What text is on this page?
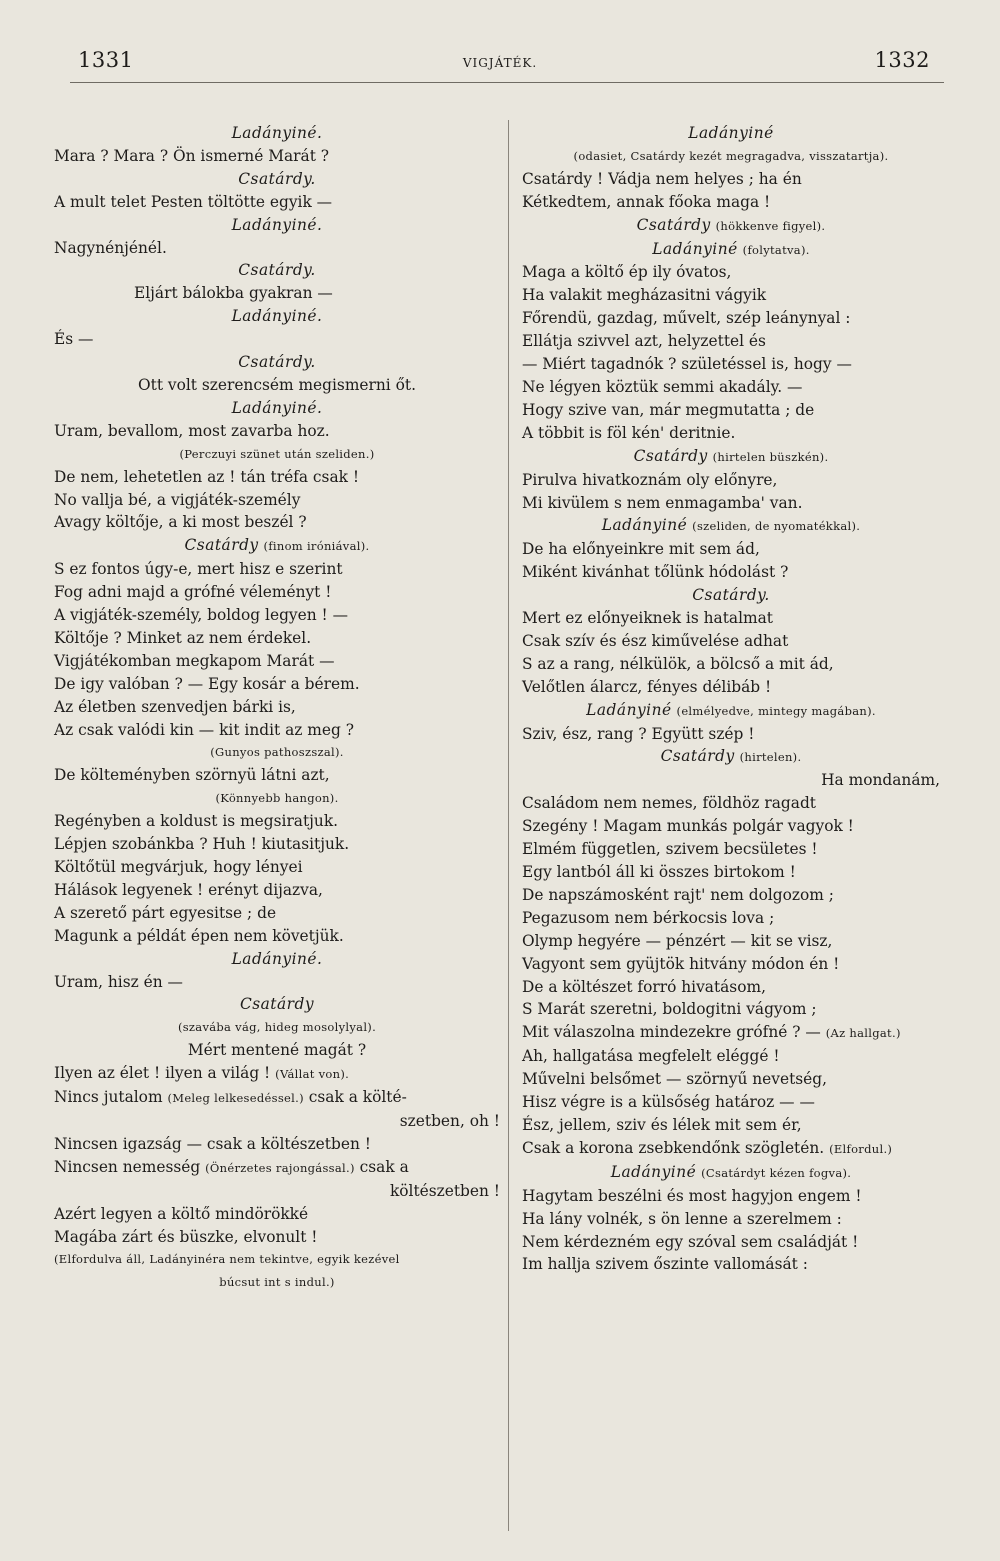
1331	VIGJÁTÉK.	1332
Ladányiné.
Mara ? Mara ? Ön ismerné Marát ?
Csatárdy.
A mult telet Pesten töltötte egyik —
Ladányiné.
Nagynénjénél.
Csatárdy.
Eljárt bálokba gyakran —
Ladányiné.
És —
Csatárdy.
Ott volt szerencsém megismerni őt.
Ladányiné.
Uram, bevallom, most zavarba hoz.
(Perczuyi szünet után szeliden.)
De nem, lehetetlen az ! tán tréfa csak !
No vallja bé, a vigjáték-személy
Avagy költője, a ki most beszél ?
Csatárdy (finom iróniával).
S ez fontos úgy-e, mert hisz e szerint
Fog adni majd a grófné véleményt !
A vigjáték-személy, boldog legyen ! —
Költője ? Minket az nem érdekel.
Vigjátékomban megkapom Marát —
De igy valóban ? — Egy kosár a bérem.
Az életben szenvedjen bárki is,
Az csak valódi kin — kit indit az meg ?
(Gunyos pathoszszal).
De költeményben szörnyü látni azt,
(Könnyebb hangon).
Regényben a koldust is megsiratjuk.
Lépjen szobánkba ? Huh ! kiutasitjuk.
Költőtül megvárjuk, hogy lényei
Hálások legyenek ! erényt dijazva,
A szerető párt egyesitse ; de
Magunk a példát épen nem követjük.
Ladányiné.
Uram, hisz én —
Csatárdy
(szavába vág, hideg mosolylyal).
Mért mentené magát ?
Ilyen az élet ! ilyen a világ ! (Vállat von).
Nincs jutalom (Meleg lelkesedéssel.) csak a költé-
szetben, oh !
Nincsen igazság — csak a költészetben !
Nincsen nemesség (Önérzetes rajongással.) csak a
költészetben !
Azért legyen a költő mindörökké
Magába zárt és büszke, elvonult !
(Elfordulva áll, Ladányinéra nem tekintve, egyik kezével
búcsut int s indul.)
Ladányiné
(odasiet, Csatárdy kezét megragadva, visszatartja).
Csatárdy ! Vádja nem helyes ; ha én
Kétkedtem, annak főoka maga !
Csatárdy (hökkenve figyel).
Ladányiné (folytatva).
Maga a költő ép ily óvatos,
Ha valakit megházasitni vágyik
Főrendü, gazdag, művelt, szép leánynyal :
Ellátja szivvel azt, helyzettel és
— Miért tagadnók ? születéssel is, hogy —
Ne légyen köztük semmi akadály. —
Hogy szive van, már megmutatta ; de
A többit is föl kén' deritnie.
Csatárdy (hirtelen büszkén).
Pirulva hivatkoznám oly előnyre,
Mi kivülem s nem enmagamba' van.
Ladányiné (szeliden, de nyomatékkal).
De ha előnyeinkre mit sem ád,
Miként kivánhat tőlünk hódolást ?
Csatárdy.
Mert ez előnyeiknek is hatalmat
Csak szív és ész kiművelése adhat
S az a rang, nélkülök, a bölcső a mit ád,
Velőtlen álarcz, fényes délibáb !
Ladányiné (elmélyedve, mintegy magában).
Sziv, ész, rang ? Együtt szép !
Csatárdy (hirtelen).
Ha mondanám,
Családom nem nemes, földhöz ragadt
Szegény ! Magam munkás polgár vagyok !
Elmém független, szivem becsületes !
Egy lantból áll ki összes birtokom !
De napszámosként rajt' nem dolgozom ;
Pegazusom nem bérkocsis lova ;
Olymp hegyére — pénzért — kit se visz,
Vagyont sem gyüjtök hitvány módon én !
De a költészet forró hivatásom,
S Marát szeretni, boldogitni vágyom ;
Mit válaszolna mindezekre grófné ? — (Az hallgat.)
Ah, hallgatása megfelelt eléggé !
Művelni belsőmet — szörnyű nevetség,
Hisz végre is a külsőség határoz — —
Ész, jellem, sziv és lélek mit sem ér,
Csak a korona zsebkendőnk szögletén. (Elfordul.)
Ladányiné (Csatárdyt kézen fogva).
Hagytam beszélni és most hagyjon engem !
Ha lány volnék, s ön lenne a szerelmem :
Nem kérdezném egy szóval sem családját !
Im hallja szivem őszinte vallomását :
